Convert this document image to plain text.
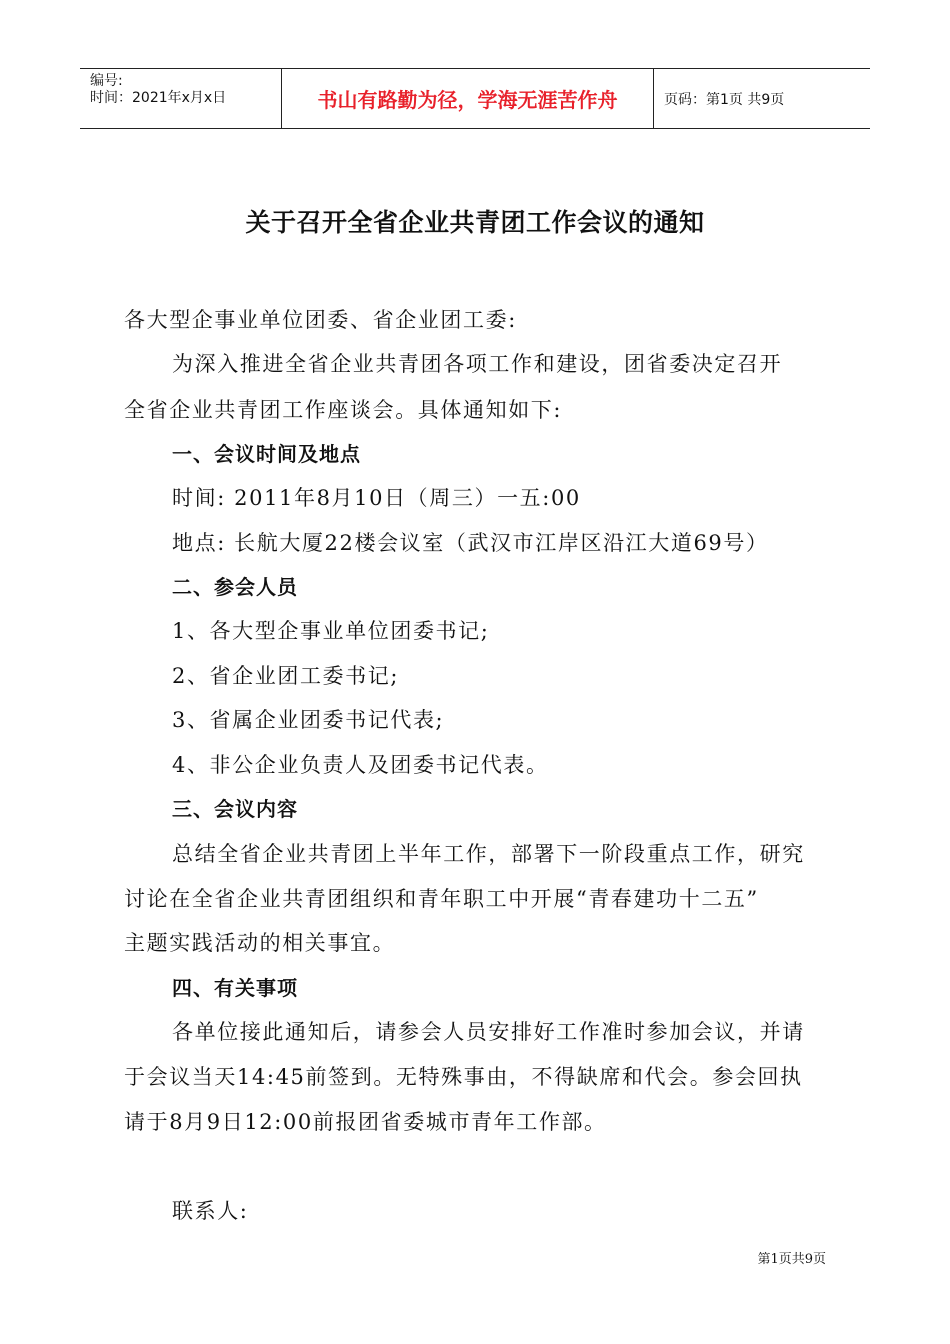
编号:
时间：2021年x月x日	书山有路勤为径，学海无涯苦作舟	页码：第1页 共9页
关于召开全省企业共青团工作会议的通知
各大型企事业单位团委、省企业团工委:
为深入推进全省企业共青团各项工作和建设，团省委决定召开
全省企业共青团工作座谈会。具体通知如下:
一、会议时间及地点
时间: 2011年8月10日（周三）一五:00
地点: 长航大厦22楼会议室（武汉市江岸区沿江大道69号）
二、参会人员
1、各大型企事业单位团委书记;
2、省企业团工委书记;
3、省属企业团委书记代表;
4、非公企业负责人及团委书记代表。
三、会议内容
总结全省企业共青团上半年工作，部署下一阶段重点工作，研究
讨论在全省企业共青团组织和青年职工中开展“青春建功十二五”
主题实践活动的相关事宜。
四、有关事项
各单位接此通知后，请参会人员安排好工作准时参加会议，并请
于会议当天14:45前签到。无特殊事由，不得缺席和代会。参会回执
请于8月9日12:00前报团省委城市青年工作部。
联系人:
第1页共9页
